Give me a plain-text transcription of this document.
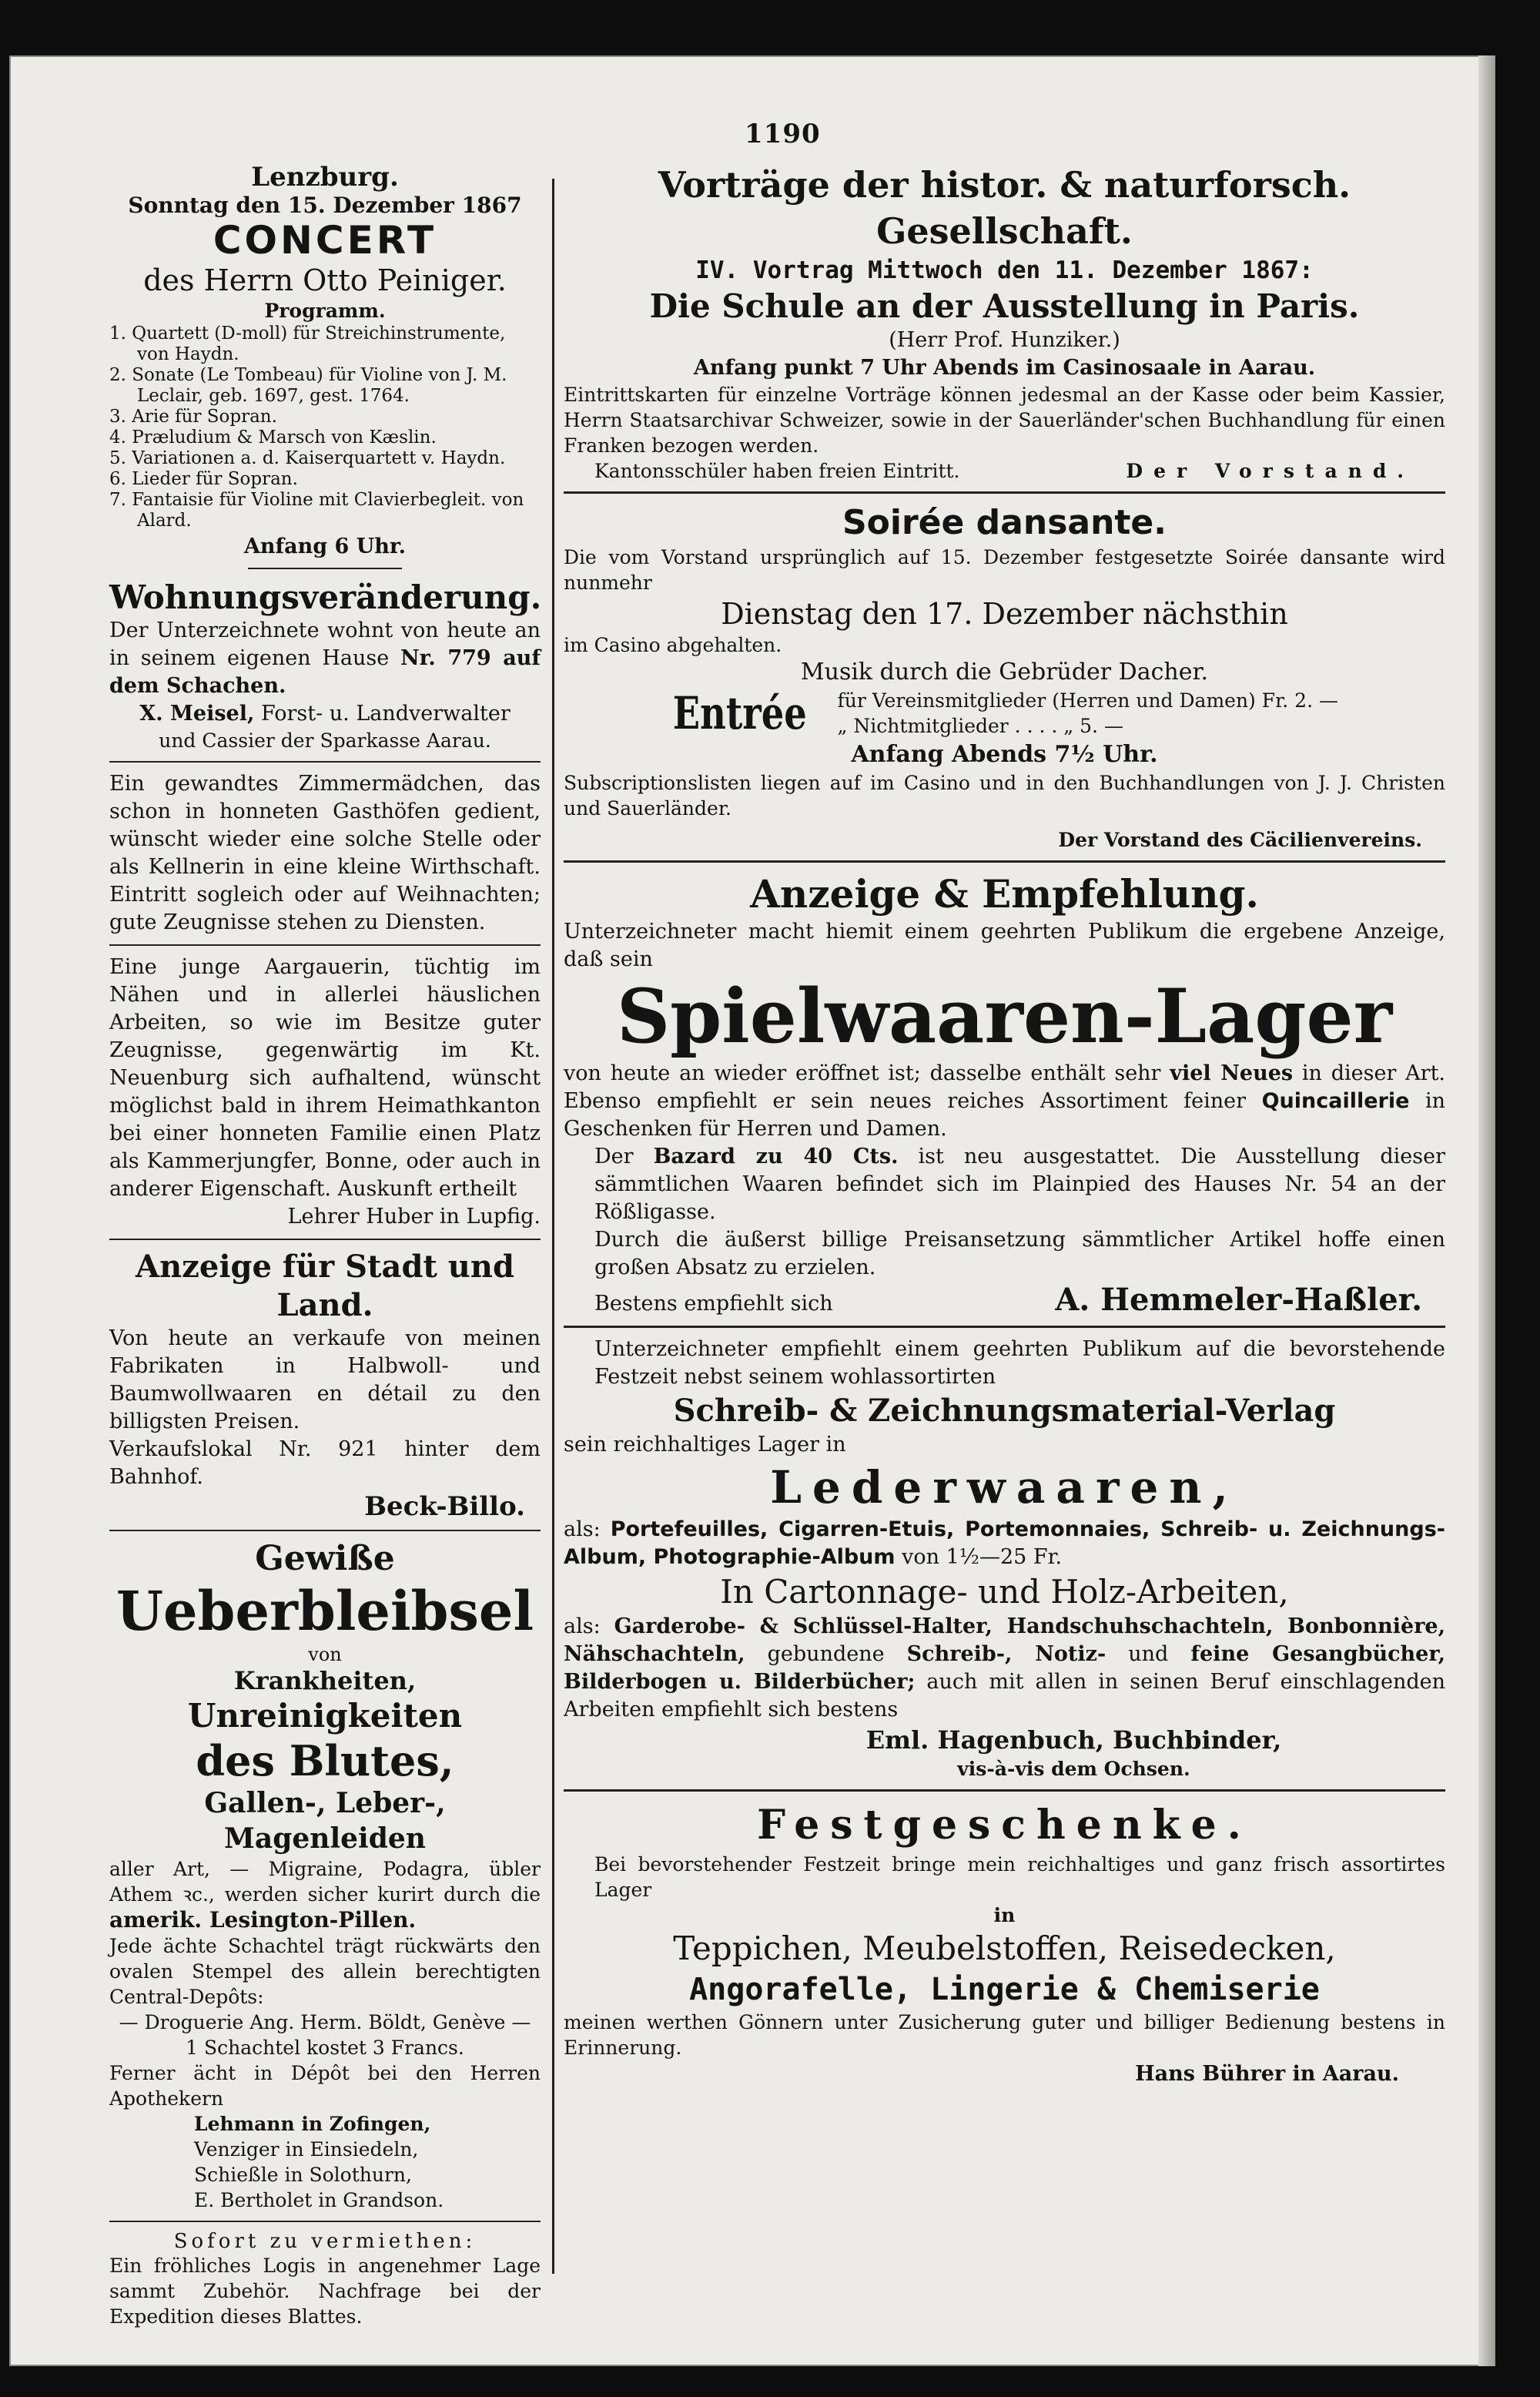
1190
Lenzburg.
Sonntag den 15. Dezember 1867
CONCERT
des Herrn Otto Peiniger.
Programm.
1. Quartett (D-moll) für Streichinstrumente, von Haydn.
2. Sonate (Le Tombeau) für Violine von J. M. Leclair, geb. 1697, gest. 1764.
3. Arie für Sopran.
4. Præludium & Marsch von Kæslin.
5. Variationen a. d. Kaiserquartett v. Haydn.
6. Lieder für Sopran.
7. Fantaisie für Violine mit Clavierbegleit. von Alard.
Anfang 6 Uhr.
Wohnungsveränderung.

Der Unterzeichnete wohnt von heute an in seinem eigenen Hause Nr. 779 auf dem Schachen.

X. Meisel, Forst- u. Landverwalter
und Cassier der Sparkasse Aarau.

Ein gewandtes Zimmermädchen, das schon in honneten Gasthöfen gedient, wünscht wieder eine solche Stelle oder als Kellnerin in eine kleine Wirthschaft. Eintritt sogleich oder auf Weihnachten; gute Zeugnisse stehen zu Diensten.

Eine junge Aargauerin, tüchtig im Nähen und in allerlei häuslichen Arbeiten, so wie im Besitze guter Zeugnisse, gegenwärtig im Kt. Neuenburg sich aufhaltend, wünscht möglichst bald in ihrem Heimathkanton bei einer honneten Familie einen Platz als Kammerjungfer, Bonne, oder auch in anderer Eigenschaft. Auskunft ertheilt

Lehrer Huber in Lupfig.
Anzeige für Stadt und Land.

Von heute an verkaufe von meinen Fabrikaten in Halbwoll- und Baumwollwaaren en détail zu den billigsten Preisen.

Verkaufslokal Nr. 921 hinter dem Bahnhof.

Beck-Billo.
Gewiße
Ueberbleibsel
von
Krankheiten,
Unreinigkeiten
des Blutes,
Gallen-, Leber-, Magenleiden

aller Art, — Migraine, Podagra, übler Athem ꝛc., werden sicher kurirt durch die amerik. Lesington-Pillen.

Jede ächte Schachtel trägt rückwärts den ovalen Stempel des allein berechtigten Central-Depôts:

— Droguerie Ang. Herm. Böldt, Genève —
1 Schachtel kostet 3 Francs.

Ferner ächt in Dépôt bei den Herren Apothekern

Lehmann in Zofingen,
Venziger in Einsiedeln,
Schießle in Solothurn,
E. Bertholet in Grandson.
Sofort zu vermiethen:

Ein fröhliches Logis in angenehmer Lage sammt Zubehör. Nachfrage bei der Expedition dieses Blattes.

Vorträge der histor. & naturforsch. Gesellschaft.
IV. Vortrag Mittwoch den 11. Dezember 1867:
Die Schule an der Ausstellung in Paris.
(Herr Prof. Hunziker.)
Anfang punkt 7 Uhr Abends im Casinosaale in Aarau.

Eintrittskarten für einzelne Vorträge können jedesmal an der Kasse oder beim Kassier, Herrn Staatsarchivar Schweizer, sowie in der Sauerländer'schen Buchhandlung für einen Franken bezogen werden.

Kantonsschüler haben freien Eintritt.	Der Vorstand.
Soirée dansante.

Die vom Vorstand ursprünglich auf 15. Dezember festgesetzte Soirée dansante wird nunmehr

Dienstag den 17. Dezember nächsthin
im Casino abgehalten.
Musik durch die Gebrüder Dacher.
Entrée für Vereinsmitglieder (Herren und Damen) Fr. 2. —
„ Nichtmitglieder . . . . „ 5. —
Anfang Abends 7½ Uhr.

Subscriptionslisten liegen auf im Casino und in den Buchhandlungen von J. J. Christen und Sauerländer.

Der Vorstand des Cäcilienvereins.
Anzeige & Empfehlung.

Unterzeichneter macht hiemit einem geehrten Publikum die ergebene Anzeige, daß sein

Spielwaaren-Lager

von heute an wieder eröffnet ist; dasselbe enthält sehr viel Neues in dieser Art. Ebenso empfiehlt er sein neues reiches Assortiment feiner Quincaillerie in Geschenken für Herren und Damen.

Der Bazard zu 40 Cts. ist neu ausgestattet. Die Ausstellung dieser sämmtlichen Waaren befindet sich im Plainpied des Hauses Nr. 54 an der Rößligasse.

Durch die äußerst billige Preisansetzung sämmtlicher Artikel hoffe einen großen Absatz zu erzielen.

Bestens empfiehlt sich	A. Hemmeler-Haßler.

Unterzeichneter empfiehlt einem geehrten Publikum auf die bevorstehende Festzeit nebst seinem wohlassortirten

Schreib- & Zeichnungsmaterial-Verlag
sein reichhaltiges Lager in
Lederwaaren,

als: Portefeuilles, Cigarren-Etuis, Portemonnaies, Schreib- u. Zeichnungs-Album, Photographie-Album von 1½—25 Fr.

In Cartonnage- und Holz-Arbeiten,

als: Garderobe- & Schlüssel-Halter, Handschuhschachteln, Bonbonnière, Nähschachteln, gebundene Schreib-, Notiz- und feine Gesangbücher, Bilderbogen u. Bilderbücher; auch mit allen in seinen Beruf einschlagenden Arbeiten empfiehlt sich bestens

Eml. Hagenbuch, Buchbinder,
vis-à-vis dem Ochsen.
Festgeschenke.

Bei bevorstehender Festzeit bringe mein reichhaltiges und ganz frisch assortirtes Lager

in
Teppichen, Meubelstoffen, Reisedecken,
Angorafelle, Lingerie & Chemiserie

meinen werthen Gönnern unter Zusicherung guter und billiger Bedienung bestens in Erinnerung.

Hans Bührer in Aarau.
